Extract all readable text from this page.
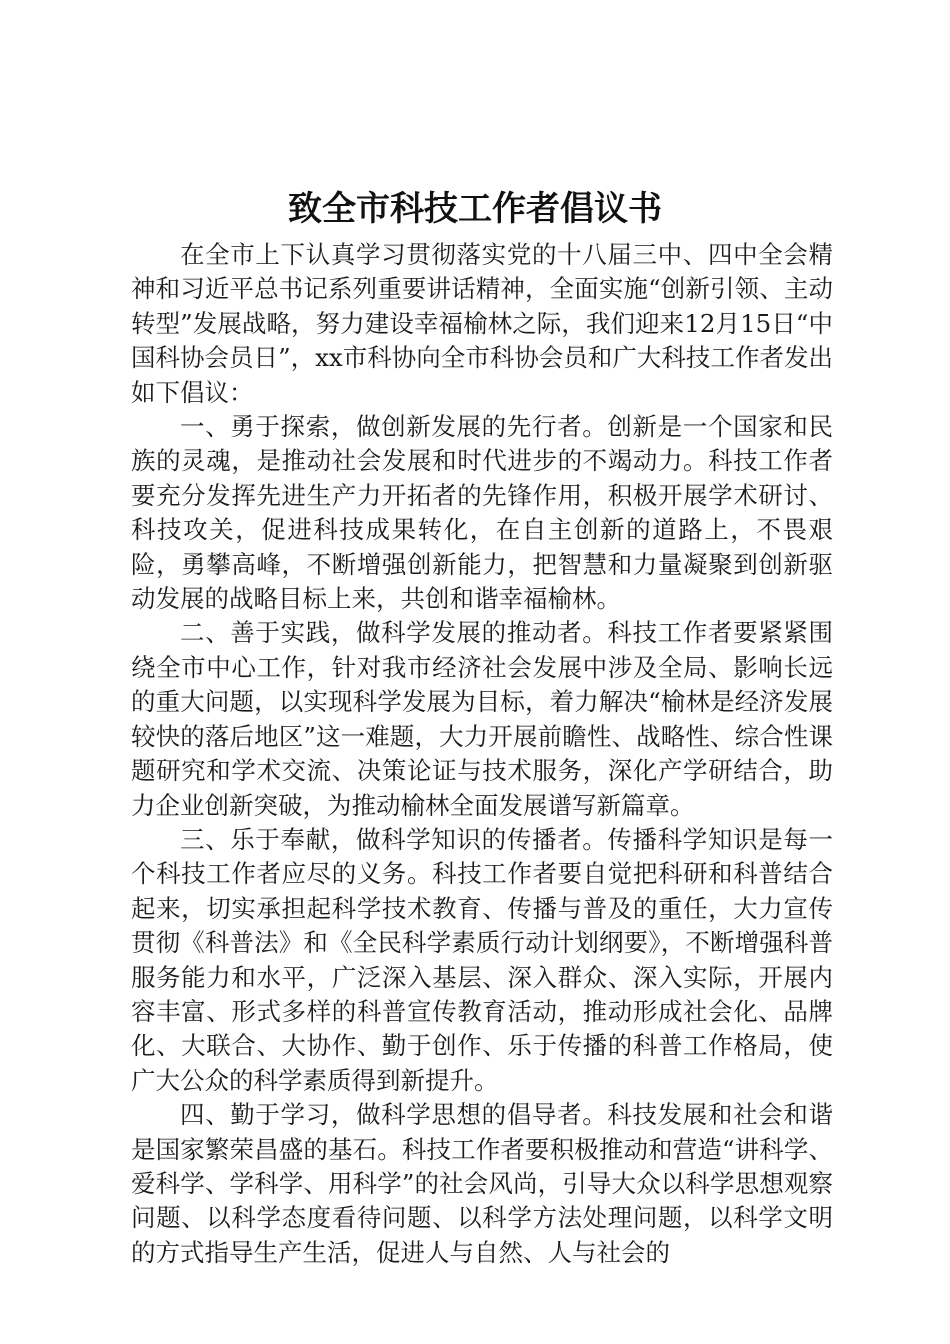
致全市科技工作者倡议书

在全市上下认真学习贯彻落实党的十八届三中、四中全会精神和习近平总书记系列重要讲话精神，全面实施“创新引领、主动转型”发展战略，努力建设幸福榆林之际，我们迎来12月15日“中国科协会员日”，xx市科协向全市科协会员和广大科技工作者发出如下倡议：

一、勇于探索，做创新发展的先行者。创新是一个国家和民族的灵魂，是推动社会发展和时代进步的不竭动力。科技工作者要充分发挥先进生产力开拓者的先锋作用，积极开展学术研讨、科技攻关，促进科技成果转化，在自主创新的道路上，不畏艰险，勇攀高峰，不断增强创新能力，把智慧和力量凝聚到创新驱动发展的战略目标上来，共创和谐幸福榆林。

二、善于实践，做科学发展的推动者。科技工作者要紧紧围绕全市中心工作，针对我市经济社会发展中涉及全局、影响长远的重大问题，以实现科学发展为目标，着力解决“榆林是经济发展较快的落后地区”这一难题，大力开展前瞻性、战略性、综合性课题研究和学术交流、决策论证与技术服务，深化产学研结合，助力企业创新突破，为推动榆林全面发展谱写新篇章。

三、乐于奉献，做科学知识的传播者。传播科学知识是每一个科技工作者应尽的义务。科技工作者要自觉把科研和科普结合起来，切实承担起科学技术教育、传播与普及的重任，大力宣传贯彻《科普法》和《全民科学素质行动计划纲要》，不断增强科普服务能力和水平，广泛深入基层、深入群众、深入实际，开展内容丰富、形式多样的科普宣传教育活动，推动形成社会化、品牌化、大联合、大协作、勤于创作、乐于传播的科普工作格局，使广大公众的科学素质得到新提升。

四、勤于学习，做科学思想的倡导者。科技发展和社会和谐是国家繁荣昌盛的基石。科技工作者要积极推动和营造“讲科学、爱科学、学科学、用科学”的社会风尚，引导大众以科学思想观察问题、以科学态度看待问题、以科学方法处理问题，以科学文明的方式指导生产生活，促进人与自然、人与社会的
